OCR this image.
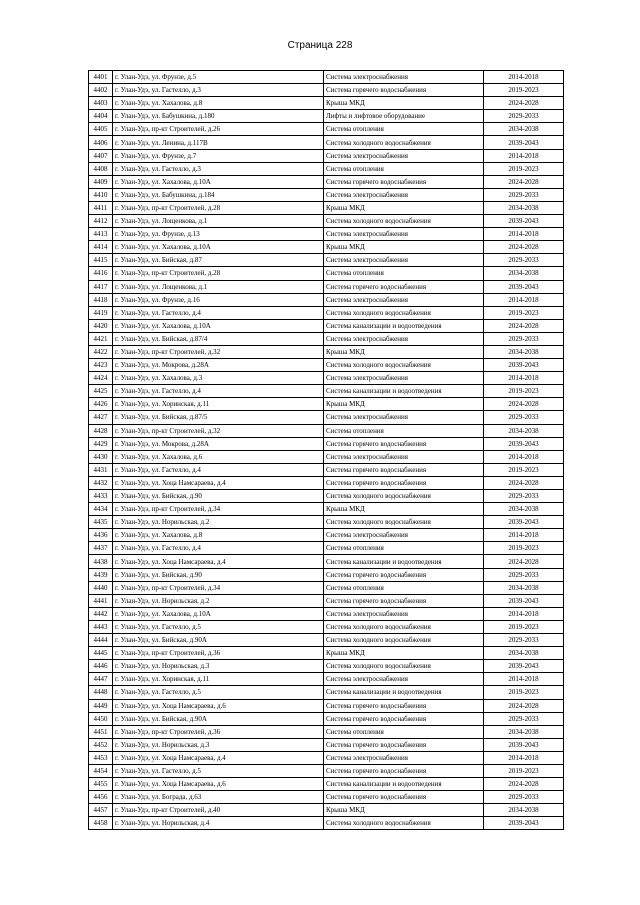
Страница 228
4401	г. Улан-Удэ, ул. Фрунзе, д.5	Система электроснабжения	2014-2018
4402	г. Улан-Удэ, ул. Гастелло, д.3	Система горячего водоснабжения	2019-2023
4403	г. Улан-Удэ, ул. Хахалова, д.8	Крыша МКД	2024-2028
4404	г. Улан-Удэ, ул. Бабушкина, д.180	Лифты и лифтовое оборудование	2029-2033
4405	г. Улан-Удэ, пр-кт Строителей, д.26	Система отопления	2034-2038
4406	г. Улан-Удэ, ул. Ленина, д.117В	Система холодного водоснабжения	2039-2043
4407	г. Улан-Удэ, ул. Фрунзе, д.7	Система электроснабжения	2014-2018
4408	г. Улан-Удэ, ул. Гастелло, д.3	Система отопления	2019-2023
4409	г. Улан-Удэ, ул. Хахалова, д.10А	Система горячего водоснабжения	2024-2028
4410	г. Улан-Удэ, ул. Бабушкина, д.184	Система электроснабжения	2029-2033
4411	г. Улан-Удэ, пр-кт Строителей, д.28	Крыша МКД	2034-2038
4412	г. Улан-Удэ, ул. Лощенкова, д.1	Система холодного водоснабжения	2039-2043
4413	г. Улан-Удэ, ул. Фрунзе, д.13	Система электроснабжения	2014-2018
4414	г. Улан-Удэ, ул. Хахалова, д.10А	Крыша МКД	2024-2028
4415	г. Улан-Удэ, ул. Бийская, д.87	Система электроснабжения	2029-2033
4416	г. Улан-Удэ, пр-кт Строителей, д.28	Система отопления	2034-2038
4417	г. Улан-Удэ, ул. Лощенкова, д.1	Система горячего водоснабжения	2039-2043
4418	г. Улан-Удэ, ул. Фрунзе, д.16	Система электроснабжения	2014-2018
4419	г. Улан-Удэ, ул. Гастелло, д.4	Система холодного водоснабжения	2019-2023
4420	г. Улан-Удэ, ул. Хахалова, д.10А	Система канализации и водоотведения	2024-2028
4421	г. Улан-Удэ, ул. Бийская, д.87/4	Система электроснабжения	2029-2033
4422	г. Улан-Удэ, пр-кт Строителей, д.32	Крыша МКД	2034-2038
4423	г. Улан-Удэ, ул. Мокрова, д.28А	Система холодного водоснабжения	2039-2043
4424	г. Улан-Удэ, ул. Хахалова, д.3	Система электроснабжения	2014-2018
4425	г. Улан-Удэ, ул. Гастелло, д.4	Система канализации и водоотведения	2019-2023
4426	г. Улан-Удэ, ул. Хоринская, д.11	Крыша МКД	2024-2028
4427	г. Улан-Удэ, ул. Бийская, д.87/5	Система электроснабжения	2029-2033
4428	г. Улан-Удэ, пр-кт Строителей, д.32	Система отопления	2034-2038
4429	г. Улан-Удэ, ул. Мокрова, д.28А	Система горячего водоснабжения	2039-2043
4430	г. Улан-Удэ, ул. Хахалова, д.6	Система электроснабжения	2014-2018
4431	г. Улан-Удэ, ул. Гастелло, д.4	Система горячего водоснабжения	2019-2023
4432	г. Улан-Удэ, ул. Хоца Намсараева, д.4	Система горячего водоснабжения	2024-2028
4433	г. Улан-Удэ, ул. Бийская, д.90	Система холодного водоснабжения	2029-2033
4434	г. Улан-Удэ, пр-кт Строителей, д.34	Крыша МКД	2034-2038
4435	г. Улан-Удэ, ул. Норильская, д.2	Система холодного водоснабжения	2039-2043
4436	г. Улан-Удэ, ул. Хахалова, д.8	Система электроснабжения	2014-2018
4437	г. Улан-Удэ, ул. Гастелло, д.4	Система отопления	2019-2023
4438	г. Улан-Удэ, ул. Хоца Намсараева, д.4	Система канализации и водоотведения	2024-2028
4439	г. Улан-Удэ, ул. Бийская, д.90	Система горячего водоснабжения	2029-2033
4440	г. Улан-Удэ, пр-кт Строителей, д.34	Система отопления	2034-2038
4441	г. Улан-Удэ, ул. Норильская, д.2	Система горячего водоснабжения	2039-2043
4442	г. Улан-Удэ, ул. Хахалова, д.10А	Система электроснабжения	2014-2018
4443	г. Улан-Удэ, ул. Гастелло, д.5	Система холодного водоснабжения	2019-2023
4444	г. Улан-Удэ, ул. Бийская, д.90А	Система холодного водоснабжения	2029-2033
4445	г. Улан-Удэ, пр-кт Строителей, д.36	Крыша МКД	2034-2038
4446	г. Улан-Удэ, ул. Норильская, д.3	Система холодного водоснабжения	2039-2043
4447	г. Улан-Удэ, ул. Хоринская, д.11	Система электроснабжения	2014-2018
4448	г. Улан-Удэ, ул. Гастелло, д.5	Система канализации и водоотведения	2019-2023
4449	г. Улан-Удэ, ул. Хоца Намсараева, д.6	Система горячего водоснабжения	2024-2028
4450	г. Улан-Удэ, ул. Бийская, д.90А	Система горячего водоснабжения	2029-2033
4451	г. Улан-Удэ, пр-кт Строителей, д.36	Система отопления	2034-2038
4452	г. Улан-Удэ, ул. Норильская, д.3	Система горячего водоснабжения	2039-2043
4453	г. Улан-Удэ, ул. Хоца Намсараева, д.4	Система электроснабжения	2014-2018
4454	г. Улан-Удэ, ул. Гастелло, д.5	Система горячего водоснабжения	2019-2023
4455	г. Улан-Удэ, ул. Хоца Намсараева, д.6	Система канализации и водоотведения	2024-2028
4456	г. Улан-Удэ, ул. Бограда, д.63	Система горячего водоснабжения	2029-2033
4457	г. Улан-Удэ, пр-кт Строителей, д.40	Крыша МКД	2034-2038
4458	г. Улан-Удэ, ул. Норильская, д.4	Система холодного водоснабжения	2039-2043
